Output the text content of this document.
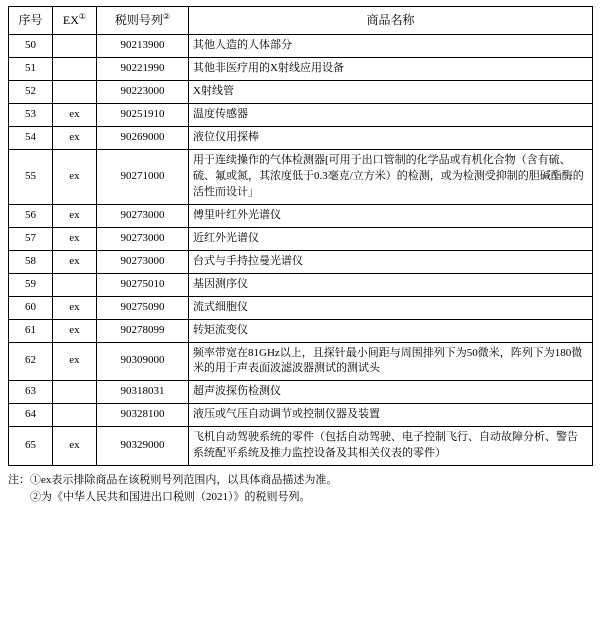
序号	EX①	税则号列②	商品名称
50		90213900	其他人造的人体部分
51		90221990	其他非医疗用的X射线应用设备
52		90223000	X射线管
53	ex	90251910	温度传感器
54	ex	90269000	液位仪用探棒
55	ex	90271000	用于连续操作的气体检测器[可用于出口管制的化学品或有机化合物（含有硫、硫、氟或氮，其浓度低于0.3毫克/立方米）的检测，或为检测受抑制的胆碱酯酶的活性而设计」
56	ex	90273000	傅里叶红外光谱仪
57	ex	90273000	近红外光谱仪
58	ex	90273000	台式与手持拉曼光谱仪
59		90275010	基因测序仪
60	ex	90275090	流式细胞仪
61	ex	90278099	转矩流变仪
62	ex	90309000	频率带宽在81GHz以上，且探针最小间距与周围排列下为50微米，阵列下为180微米的用于声表面波滤波器测试的测试头
63		90318031	超声波探伤检测仪
64		90328100	液压或气压自动调节或控制仪器及装置
65	ex	90329000	飞机自动驾驶系统的零件（包括自动驾驶、电子控制飞行、自动故障分析、警告系统配平系统及推力监控设备及其相关仪表的零件）
注：①ex表示排除商品在该税则号列范围内，以具体商品描述为准。
②为《中华人民共和国进出口税则（2021）》的税则号列。
